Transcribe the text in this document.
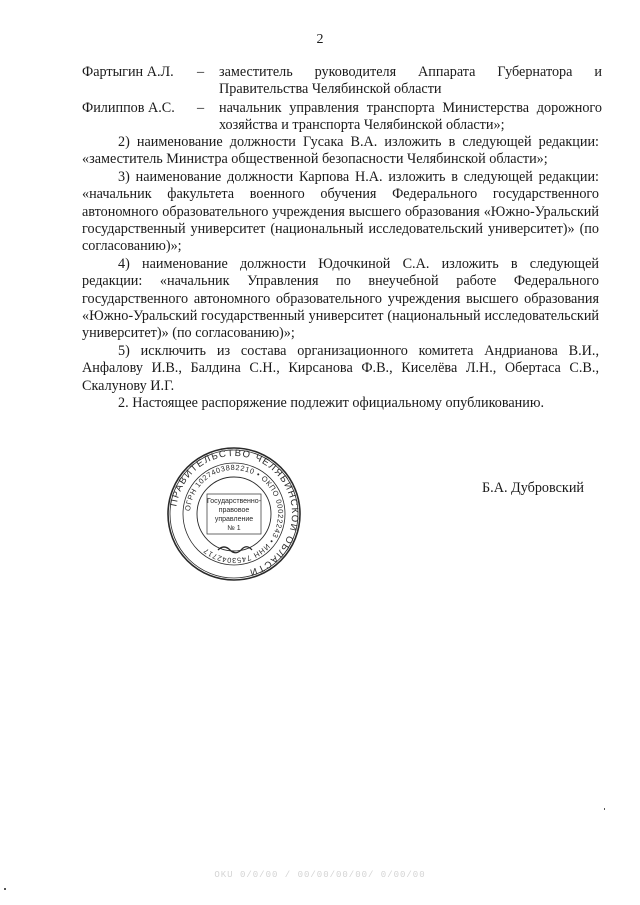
2
Фартыгин А.Л.	–	заместитель руководителя Аппарата Губернатора и Правительства Челябинской области
Филиппов А.С.	–	начальник управления транспорта Министерства дорожного хозяйства и транспорта Челябинской области»;

2) наименование должности Гусака В.А. изложить в следующей редакции: «заместитель Министра общественной безопасности Челябинской области»;

3) наименование должности Карпова Н.А. изложить в следующей редакции: «начальник факультета военного обучения Федерального государственного автономного образовательного учреждения высшего образования «Южно-Уральский государственный университет (национальный исследовательский университет)» (по согласованию)»;

4) наименование должности Юдочкиной С.А. изложить в следующей редакции: «начальник Управления по внеучебной работе Федерального государственного автономного образовательного учреждения высшего образования «Южно-Уральский государственный университет (национальный исследовательский университет)» (по согласованию)»;

5) исключить из состава организационного комитета Андрианова В.И., Анфалову И.В., Балдина С.Н., Кирсанова Ф.В., Киселёва Л.Н., Обертаса С.В., Скалунову И.Г.

2. Настоящее распоряжение подлежит официальному опубликованию.

ПРАВИТЕЛЬСТВО ЧЕЛЯБИНСКОЙ ОБЛАСТИ
ОГРН 1027403882210 • ОКПО 00022243 • ИНН 7453042717
Государственно-
правовое
управление
№ 1
Б.А. Дубровский
OKU 0/0/00 / 00/00/00/00/ 0/00/00
